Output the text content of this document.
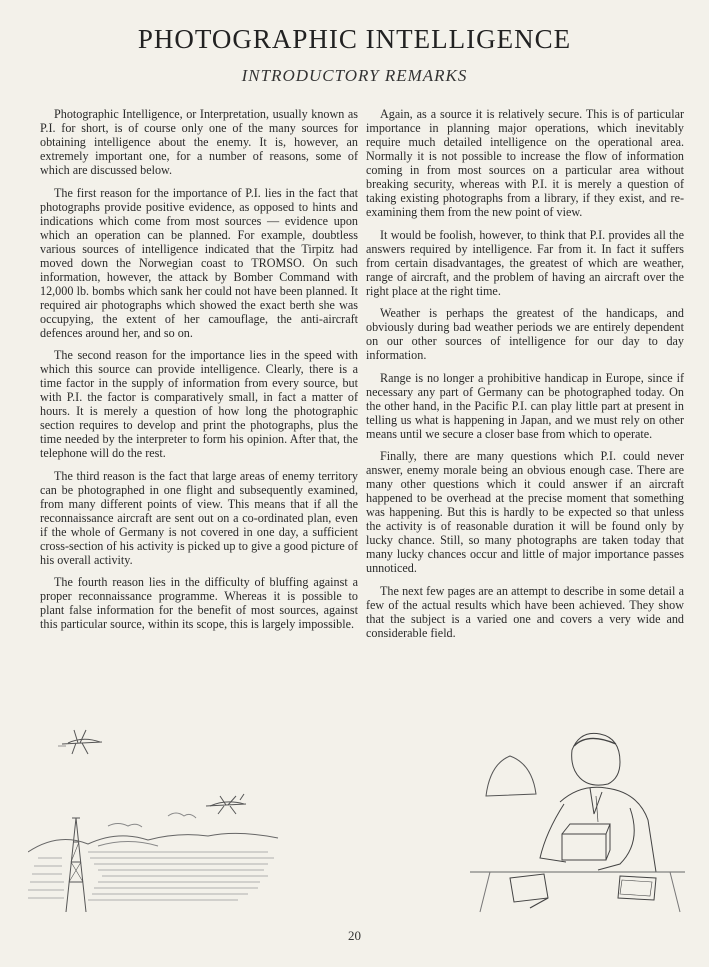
PHOTOGRAPHIC INTELLIGENCE
INTRODUCTORY REMARKS

Photographic Intelligence, or Interpretation, usually known as P.I. for short, is of course only one of the many sources for obtaining intelligence about the enemy. It is, however, an extremely important one, for a number of reasons, some of which are discussed below.

The first reason for the importance of P.I. lies in the fact that photographs provide positive evidence, as opposed to hints and indications which come from most sources — evidence upon which an operation can be planned. For example, doubtless various sources of intelligence indicated that the Tirpitz had moved down the Norwegian coast to TROMSO. On such information, however, the attack by Bomber Command with 12,000 lb. bombs which sank her could not have been planned. It required air photographs which showed the exact berth she was occupying, the extent of her camouflage, the anti-aircraft defences around her, and so on.

The second reason for the importance lies in the speed with which this source can provide intelligence. Clearly, there is a time factor in the supply of information from every source, but with P.I. the factor is comparatively small, in fact a matter of hours. It is merely a question of how long the photographic section requires to develop and print the photographs, plus the time needed by the interpreter to form his opinion. After that, the telephone will do the rest.

The third reason is the fact that large areas of enemy territory can be photographed in one flight and subsequently examined, from many different points of view. This means that if all the reconnaissance aircraft are sent out on a co-ordinated plan, even if the whole of Germany is not covered in one day, a sufficient cross-section of his activity is picked up to give a good picture of his overall activity.

The fourth reason lies in the difficulty of bluffing against a proper reconnaissance programme. Whereas it is possible to plant false information for the benefit of most sources, against this particular source, within its scope, this is largely impossible.

Again, as a source it is relatively secure. This is of particular importance in planning major operations, which inevitably require much detailed intelligence on the operational area. Normally it is not possible to increase the flow of information coming in from most sources on a particular area without breaking security, whereas with P.I. it is merely a question of taking existing photographs from a library, if they exist, and re-examining them from the new point of view.

It would be foolish, however, to think that P.I. provides all the answers required by intelligence. Far from it. In fact it suffers from certain disadvantages, the greatest of which are weather, range of aircraft, and the problem of having an aircraft over the right place at the right time.

Weather is perhaps the greatest of the handicaps, and obviously during bad weather periods we are entirely dependent on our other sources of intelligence for our day to day information.

Range is no longer a prohibitive handicap in Europe, since if necessary any part of Germany can be photographed today. On the other hand, in the Pacific P.I. can play little part at present in telling us what is happening in Japan, and we must rely on other means until we secure a closer base from which to operate.

Finally, there are many questions which P.I. could never answer, enemy morale being an obvious enough case. There are many other questions which it could answer if an aircraft happened to be overhead at the precise moment that something was happening. But this is hardly to be expected so that unless the activity is of reasonable duration it will be found only by lucky chance. Still, so many photographs are taken today that many lucky chances occur and little of major importance passes unnoticed.

The next few pages are an attempt to describe in some detail a few of the actual results which have been achieved. They show that the subject is a varied one and covers a very wide and considerable field.

20
